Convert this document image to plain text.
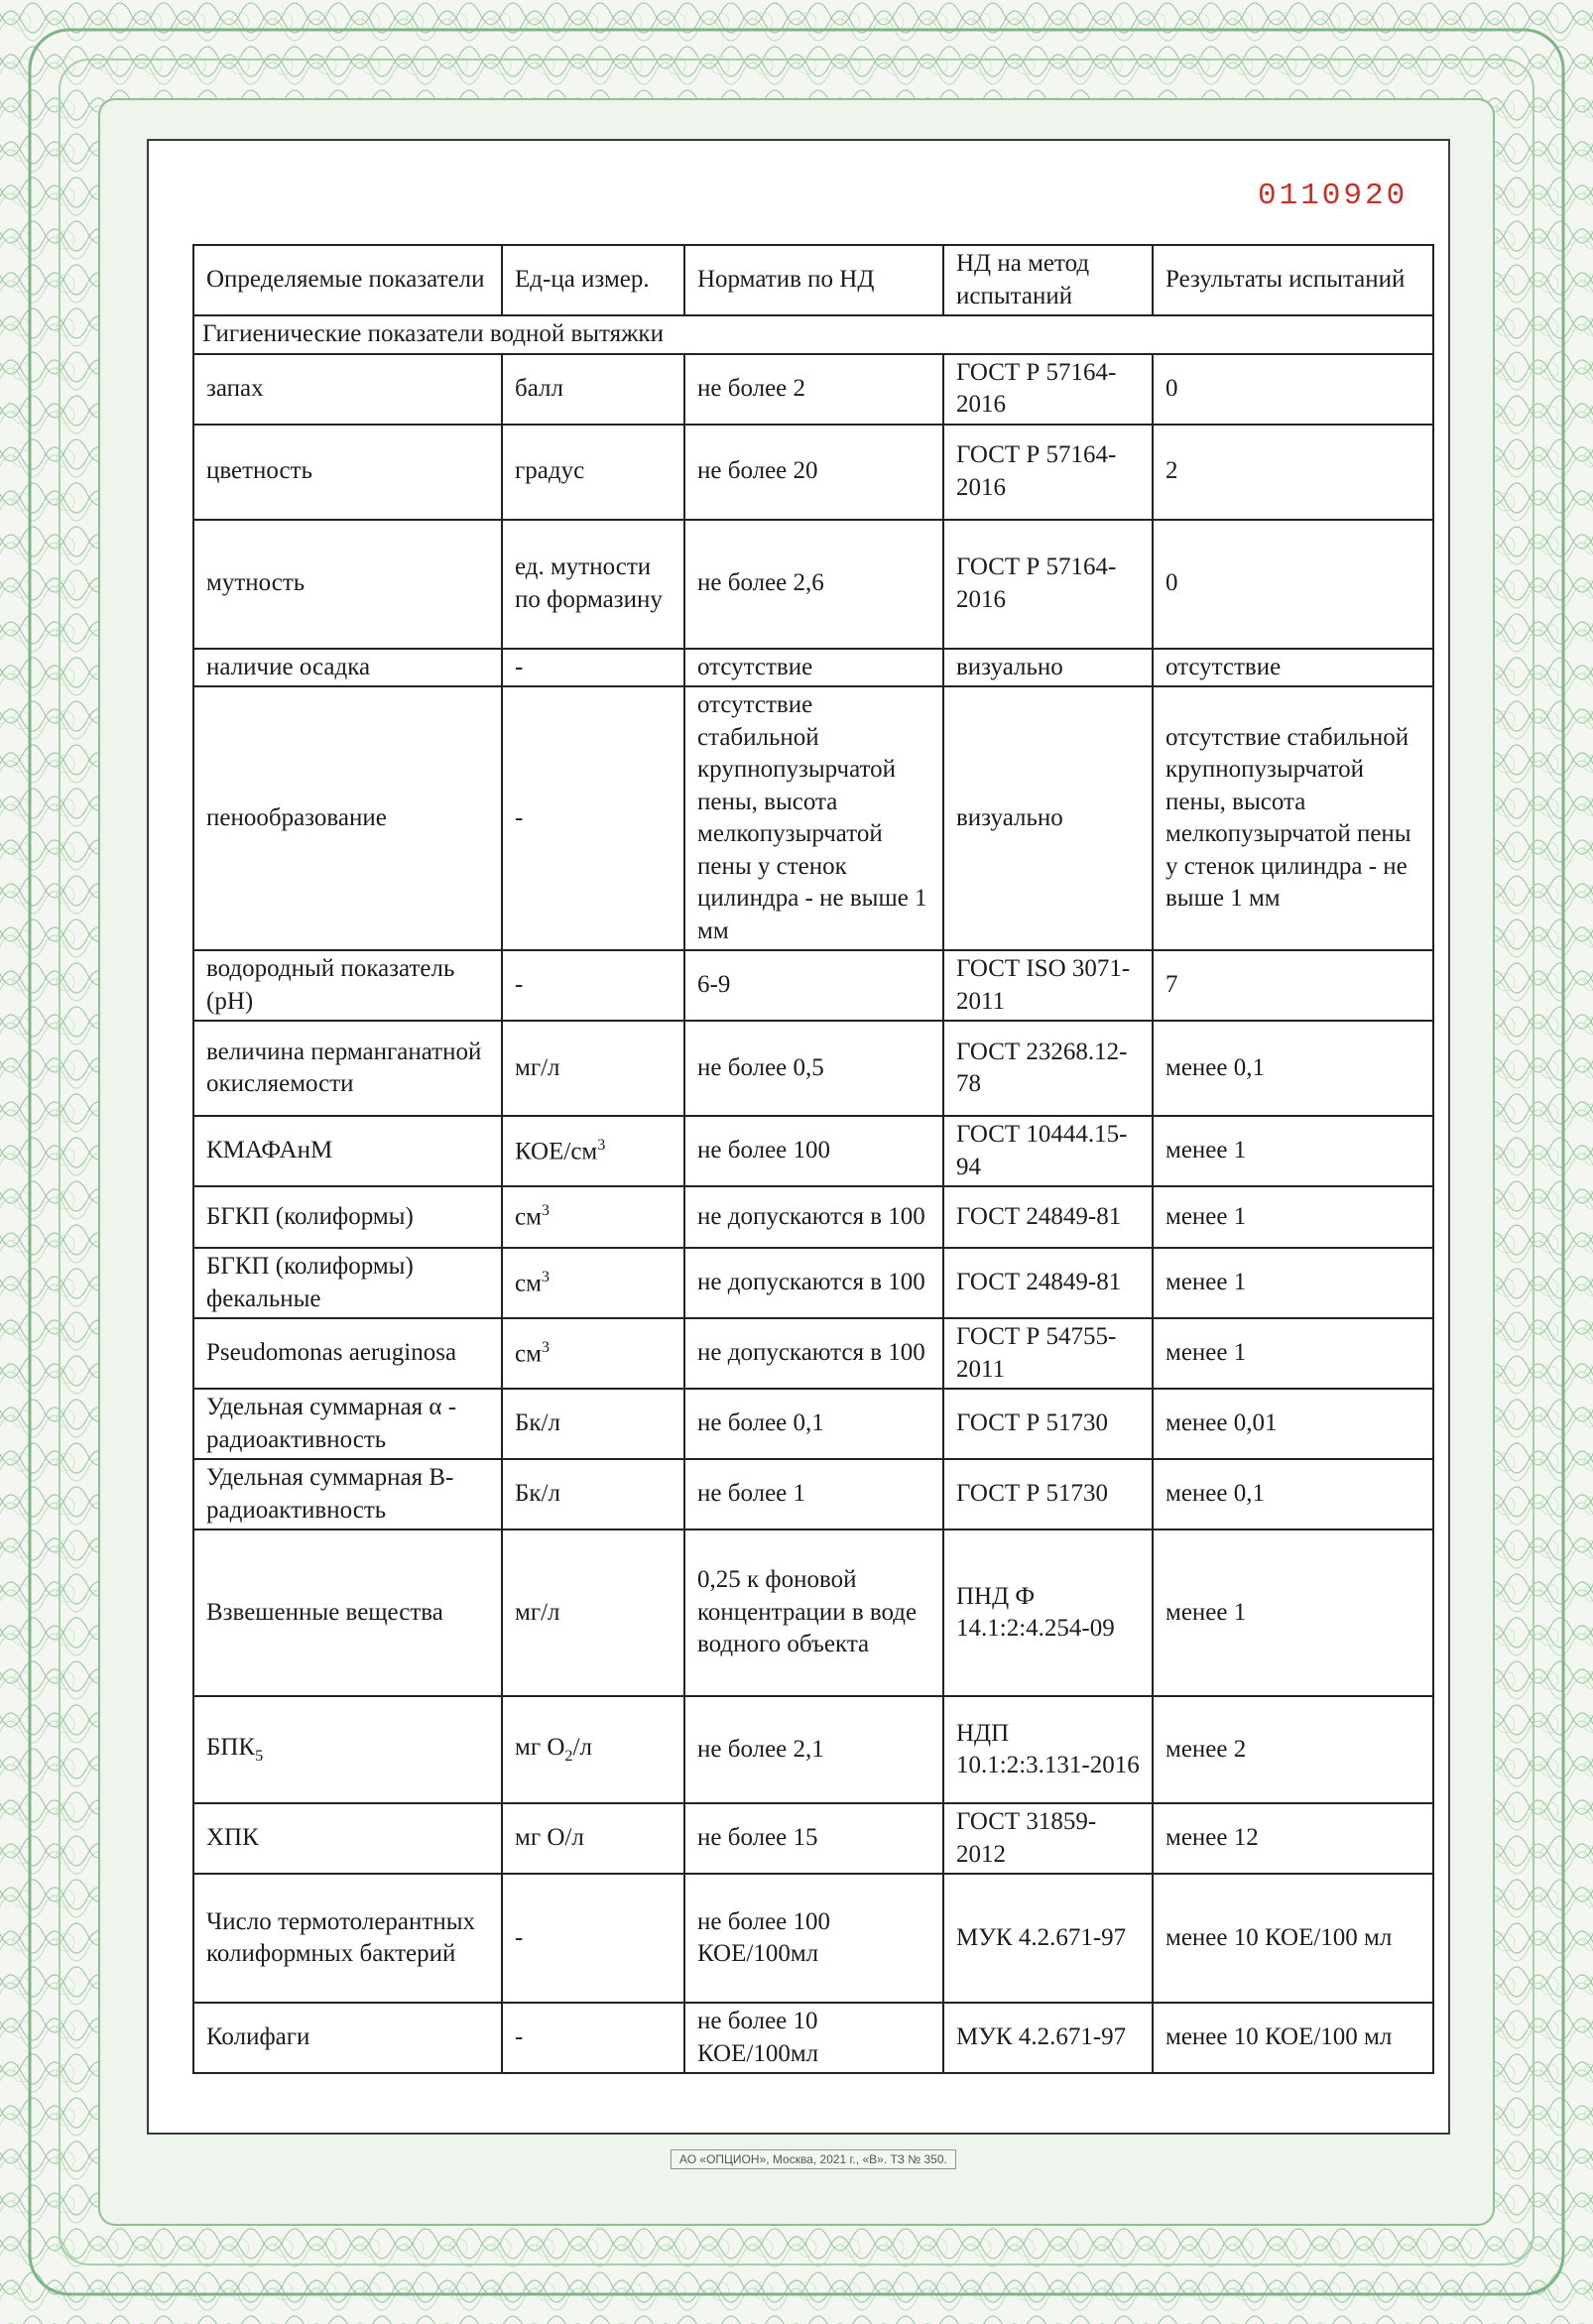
0110920
Определяемые показатели	Ед-ца измер.	Норматив по НД	НД на метод испытаний	Результаты испытаний
Гигиенические показатели водной вытяжки				
запах	балл	не более 2	ГОСТ Р 57164-2016	0
цветность	градус	не более 20	ГОСТ Р 57164-2016	2
мутность	ед. мутности по формазину	не более 2,6	ГОСТ Р 57164-2016	0
наличие осадка	-	отсутствие	визуально	отсутствие
пенообразование	-	отсутствие стабильной крупнопузырчатой пены, высота мелкопузырчатой пены у стенок цилиндра - не выше 1 мм	визуально	отсутствие стабильной крупнопузырчатой пены, высота мелкопузырчатой пены у стенок цилиндра - не выше 1 мм
водородный показатель (pH)	-	6-9	ГОСТ ISO 3071-2011	7
величина перманганатной окисляемости	мг/л	не более 0,5	ГОСТ 23268.12-78	менее 0,1
КМАФАнМ	КОЕ/$см^3$	не более 100	ГОСТ 10444.15-94	менее 1
БГКП (колиформы)	$см^3$	не допускаются в 100	ГОСТ 24849-81	менее 1
БГКП (колиформы) фекальные	$см^3$	не допускаются в 100	ГОСТ 24849-81	менее 1
Pseudomonas aeruginosa	$см^3$	не допускаются в 100	ГОСТ Р 54755-2011	менее 1
Удельная суммарная α - радиоактивность	Бк/л	не более 0,1	ГОСТ Р 51730	менее 0,01
Удельная суммарная В-радиоактивность	Бк/л	не более 1	ГОСТ Р 51730	менее 0,1
Взвешенные вещества	мг/л	0,25 к фоновой концентрации в воде водного объекта	ПНД Ф 14.1:2:4.254-09	менее 1
$БПК_5$	мг $О_2/л$	не более 2,1	НДП 10.1:2:3.131-2016	менее 2
ХПК	мг О/л	не более 15	ГОСТ 31859-2012	менее 12
Число термотолерантных колиформных бактерий	-	не более 100 КОЕ/100мл	МУК 4.2.671-97	менее 10 КОЕ/100 мл
Колифаги	-	не более 10 КОЕ/100мл	МУК 4.2.671-97	менее 10 КОЕ/100 мл
АО «ОПЦИОН», Москва, 2021 г., «В». ТЗ № 350.
